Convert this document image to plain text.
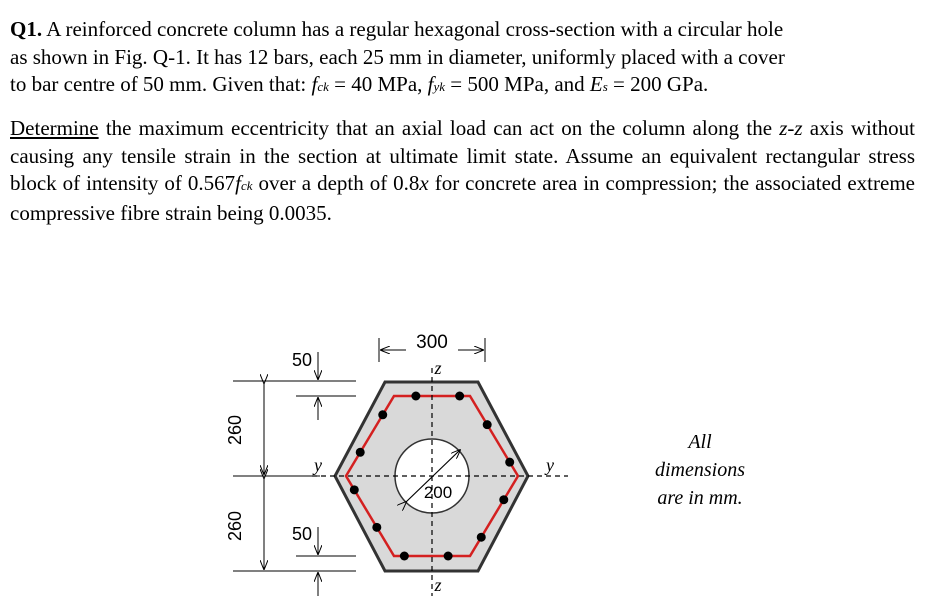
Q1. A reinforced concrete column has a regular hexagonal cross-section with a circular hole
as shown in Fig. Q-1. It has 12 bars, each 25 mm in diameter, uniformly placed with a cover
to bar centre of 50 mm. Given that: fck = 40 MPa, fyk = 500 MPa, and Es = 200 GPa.

Determine the maximum eccentricity that an axial load can act on the column along the z-z axis without causing any tensile strain in the section at ultimate limit state. Assume an equivalent rectangular stress block of intensity of 0.567fck over a depth of 0.8x for concrete area in compression; the associated extreme compressive fibre strain being 0.0035.

200
300
z
z
y	y
260
260
50
50
All
dimensions
are in mm.
